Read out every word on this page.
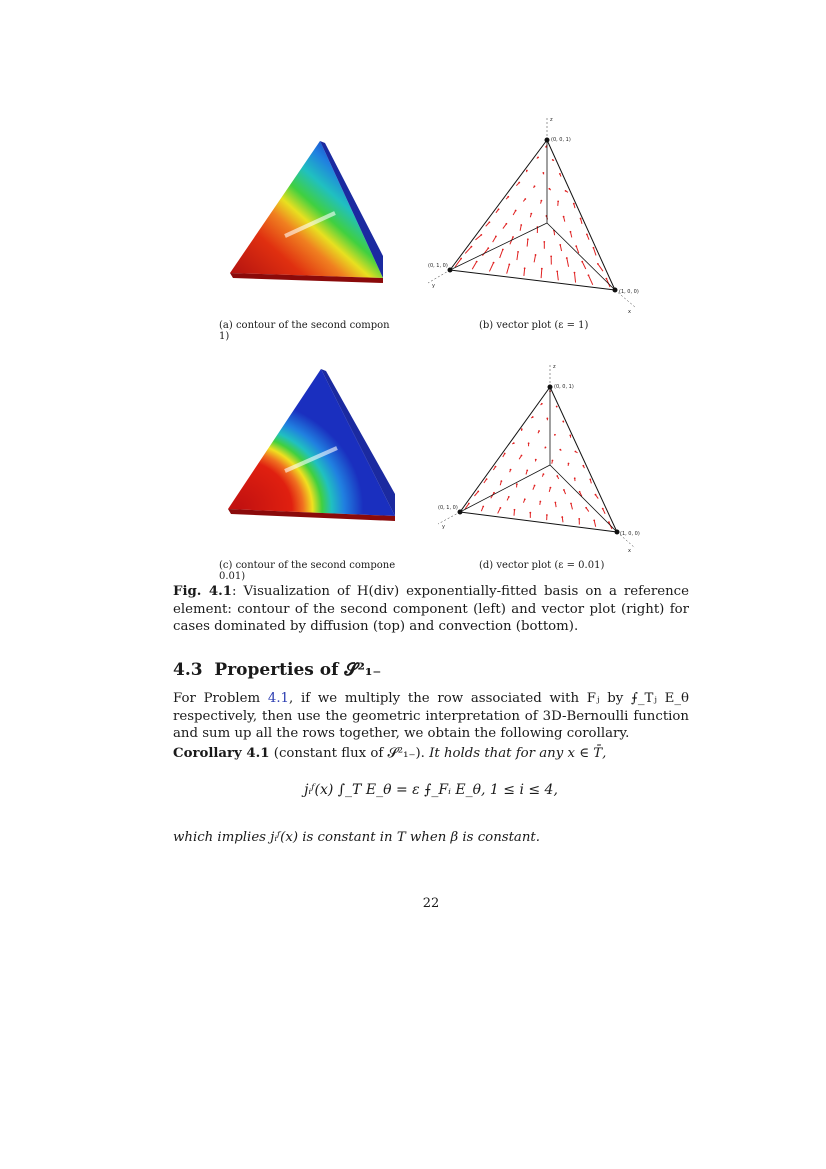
(0, 0, 1)
(0, 1, 0)
(1, 0, 0)
z
y
x
(a) contour of the second compon
1)
(b) vector plot (ε = 1)
(0, 0, 1)
(0, 1, 0)
(1, 0, 0)
z
y
x
(c) contour of the second compone
0.01)
(d) vector plot (ε = 0.01)
Fig. 4.1: Visualization of H(div) exponentially-fitted basis on a reference element: contour of the second component (left) and vector plot (right) for cases dominated by diffusion (top) and convection (bottom).
4.3 Properties of 𝓢²₁₋
For Problem 4.1, if we multiply the row associated with Fⱼ by ⨍_Tⱼ E_θ respectively, then use the geometric interpretation of 3D-Bernoulli function and sum up all the rows together, we obtain the following corollary.
Corollary 4.1 (constant flux of 𝓢²₁₋). It holds that for any x ∈ T̄,
jᵢᶠ(x) ∫_T E_θ = ε ⨍_Fᵢ E_θ, 1 ≤ i ≤ 4,
which implies jᵢᶠ(x) is constant in T when β is constant.
22
